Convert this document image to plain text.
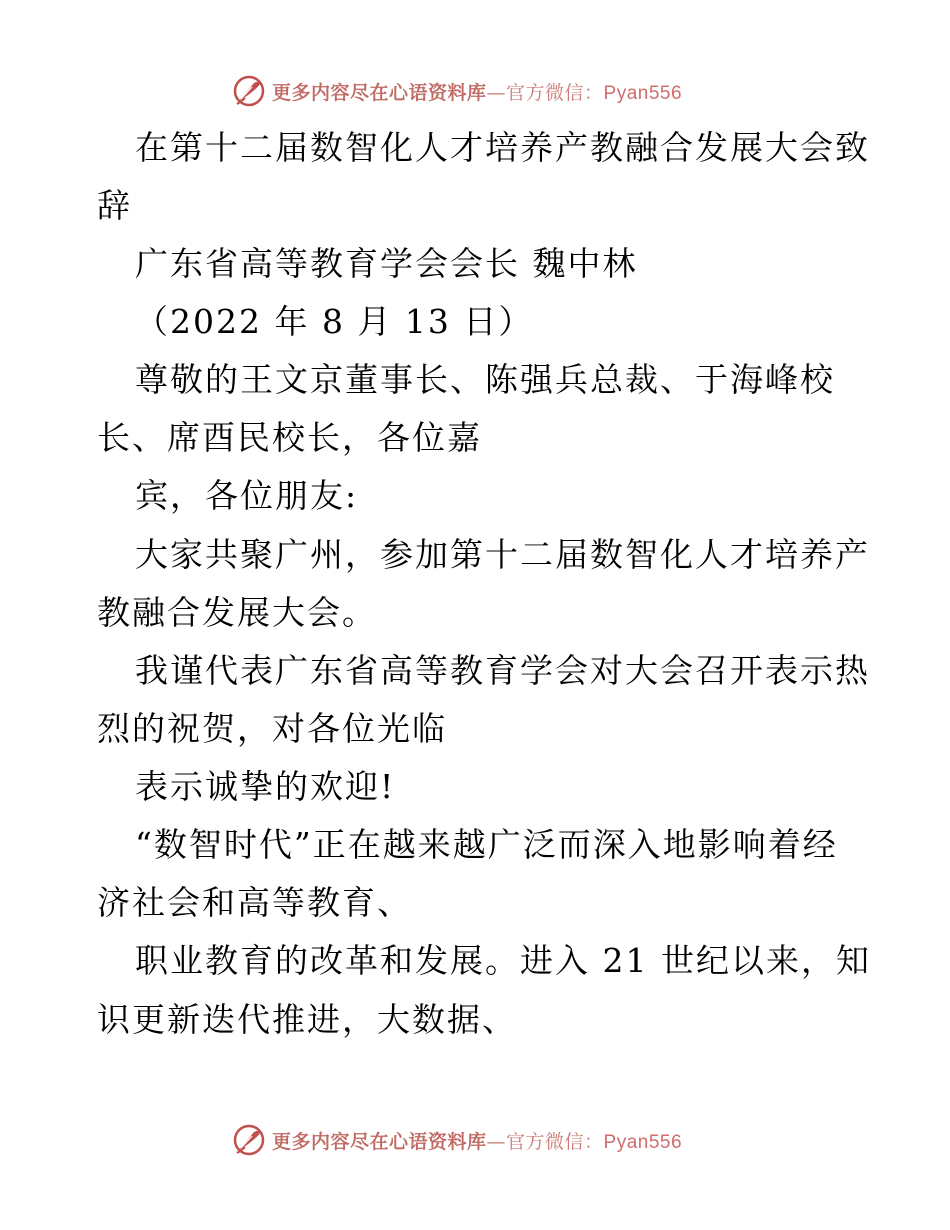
更多内容尽在心语资料库—官方微信：Pyan556
在第十二届数智化人才培养产教融合发展大会致
辞
广东省高等教育学会会长 魏中林
（2022 年 8 月 13 日）
尊敬的王文京董事长、陈强兵总裁、于海峰校
长、席酉民校长，各位嘉
宾，各位朋友:
大家共聚广州，参加第十二届数智化人才培养产
教融合发展大会。
我谨代表广东省高等教育学会对大会召开表示热
烈的祝贺，对各位光临
表示诚挚的欢迎!
“数智时代”正在越来越广泛而深入地影响着经
济社会和高等教育、
职业教育的改革和发展。进入 21 世纪以来，知
识更新迭代推进，大数据、
更多内容尽在心语资料库—官方微信：Pyan556
